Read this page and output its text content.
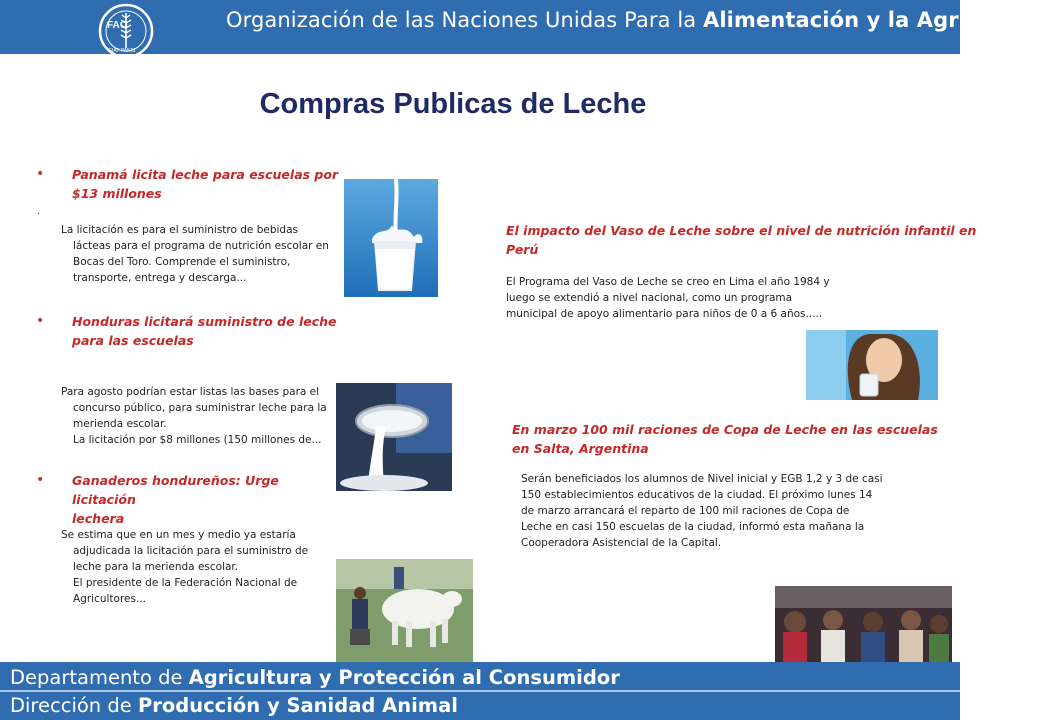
FAO
FIAT PANIS
Organización de las Naciones Unidas Para la Alimentación y la Agricultura
Compras Publicas de Leche
• Panamá licita leche para escuelas por
$13 millones
.
La licitación es para el suministro de bebidas
lácteas para el programa de nutrición escolar en
Bocas del Toro. Comprende el suministro,
transporte, entrega y descarga...
• Honduras licitará suministro de leche
para las escuelas
Para agosto podrían estar listas las bases para el
concurso público, para suministrar leche para la
merienda escolar.
La licitación por $8 millones (150 millones de...
• Ganaderos hondureños: Urge licitación
lechera
Se estima que en un mes y medio ya estaría
adjudicada la licitación para el suministro de
leche para la merienda escolar.
El presidente de la Federación Nacional de
Agricultores...
El impacto del Vaso de Leche sobre el nivel de nutrición infantil en
Perú
El Programa del Vaso de Leche se creo en Lima el año 1984 y
luego se extendió a nivel nacional, como un programa
municipal de apoyo alimentario para niños de 0 a 6 años.....
En marzo 100 mil raciones de Copa de Leche en las escuelas
en Salta, Argentina
Serán beneficiados los alumnos de Nivel inicial y EGB 1,2 y 3 de casi
150 establecimientos educativos de la ciudad. El próximo lunes 14
de marzo arrancará el reparto de 100 mil raciones de Copa de
Leche en casi 150 escuelas de la ciudad, informó esta mañana la
Cooperadora Asistencial de la Capital.
Departamento de Agricultura y Protección al Consumidor
Dirección de Producción y Sanidad Animal
